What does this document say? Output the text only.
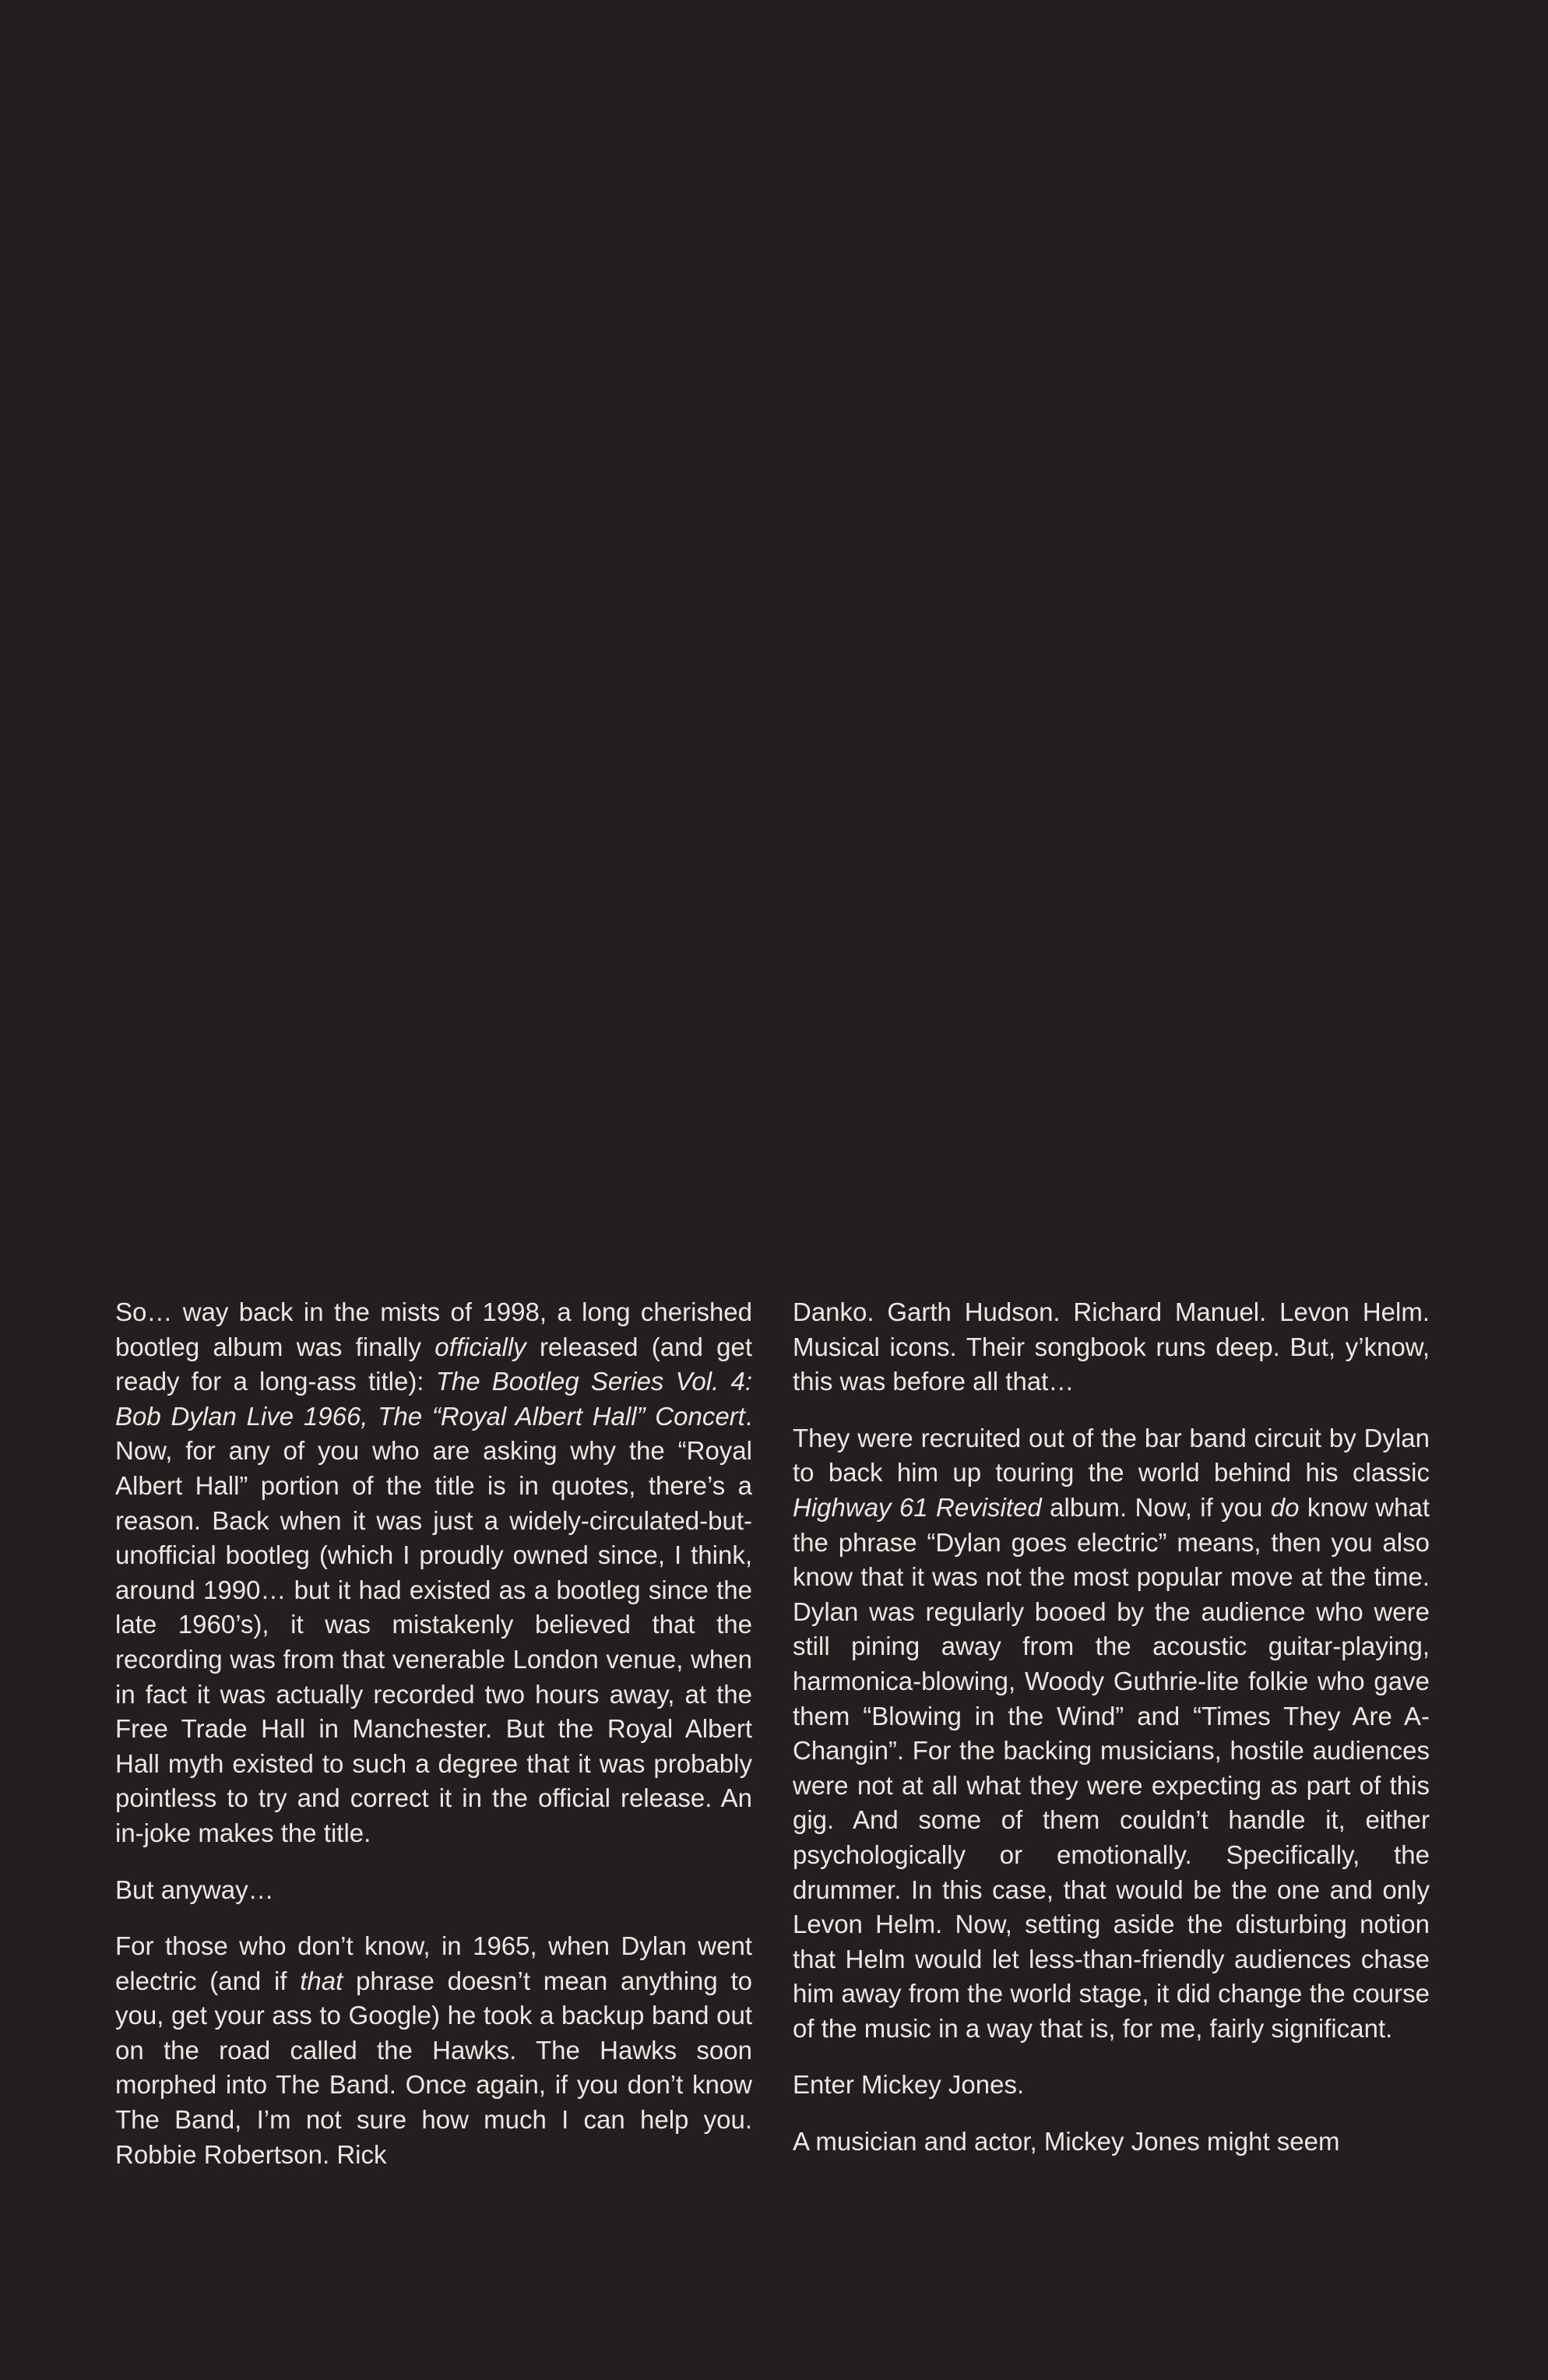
So… way back in the mists of 1998, a long cherished bootleg album was finally officially released (and get ready for a long-ass title): The Bootleg Series Vol. 4: Bob Dylan Live 1966, The “Royal Albert Hall” Concert. Now, for any of you who are asking why the “Royal Albert Hall” portion of the title is in quotes, there’s a reason. Back when it was just a widely-circulated-but-unofficial bootleg (which I proudly owned since, I think, around 1990… but it had existed as a bootleg since the late 1960’s), it was mistakenly believed that the recording was from that venerable London venue, when in fact it was actually recorded two hours away, at the Free Trade Hall in Manchester. But the Royal Albert Hall myth existed to such a degree that it was probably pointless to try and correct it in the official release. An in-joke makes the title.

But anyway…

For those who don’t know, in 1965, when Dylan went electric (and if that phrase doesn’t mean anything to you, get your ass to Google) he took a backup band out on the road called the Hawks. The Hawks soon morphed into The Band. Once again, if you don’t know The Band, I’m not sure how much I can help you. Robbie Robertson. Rick

Danko. Garth Hudson. Richard Manuel. Levon Helm. Musical icons. Their songbook runs deep. But, y’know, this was before all that…

They were recruited out of the bar band circuit by Dylan to back him up touring the world behind his classic Highway 61 Revisited album. Now, if you do know what the phrase “Dylan goes electric” means, then you also know that it was not the most popular move at the time. Dylan was regularly booed by the audience who were still pining away from the acoustic guitar-playing, harmonica-blowing, Woody Guthrie-lite folkie who gave them “Blowing in the Wind” and “Times They Are A-Changin”. For the backing musicians, hostile audiences were not at all what they were expecting as part of this gig. And some of them couldn’t handle it, either psychologically or emotionally. Specifically, the drummer. In this case, that would be the one and only Levon Helm. Now, setting aside the disturbing notion that Helm would let less-than-friendly audiences chase him away from the world stage, it did change the course of the music in a way that is, for me, fairly significant.

Enter Mickey Jones.

A musician and actor, Mickey Jones might seem
